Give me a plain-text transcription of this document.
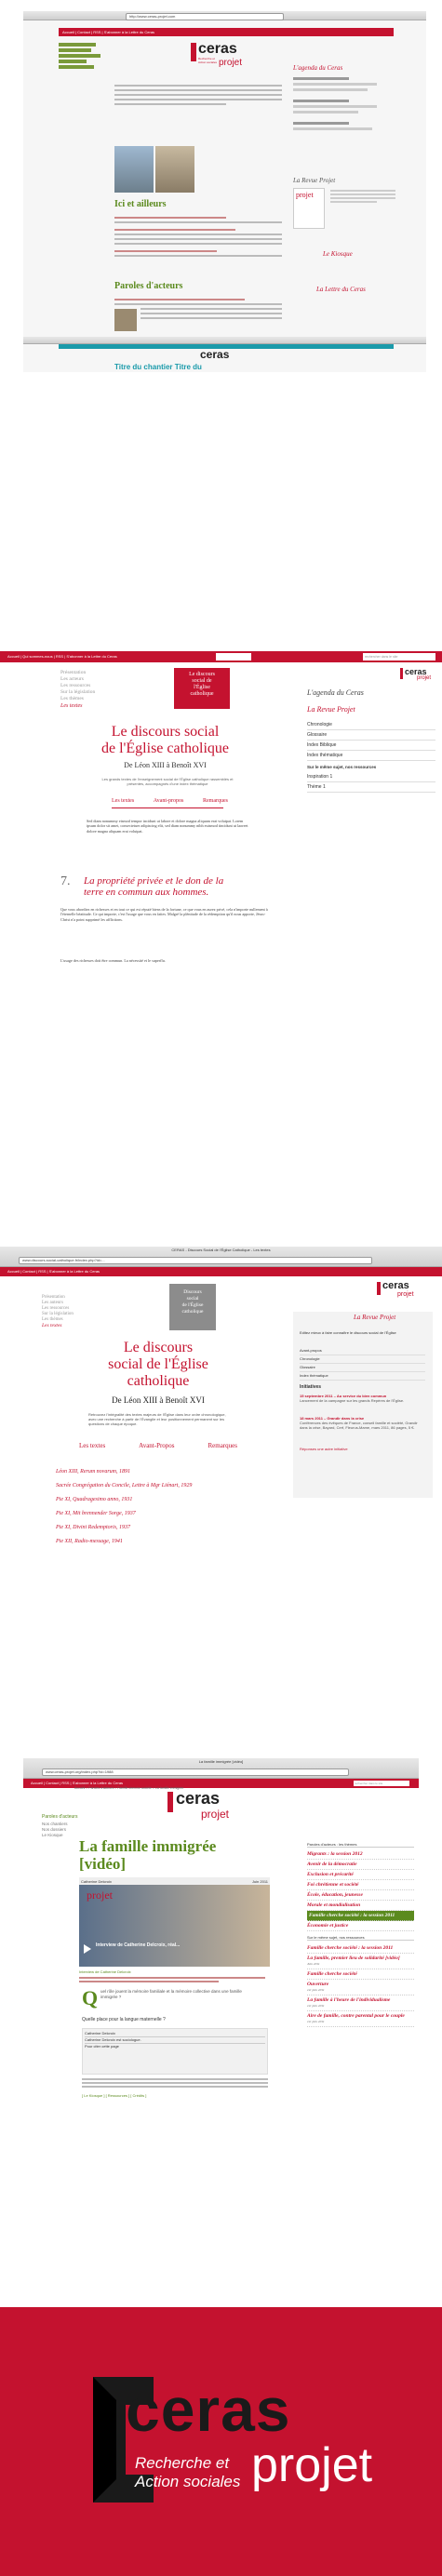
http://www.ceras-projet.com
Accueil | Contact | RSS | S'abonner à la Lettre du Ceras
ceras
projet
Recherche et
Action sociales
L'agenda du Ceras
La Revue Projet
projet
Le Kiosque
La Lettre du Ceras
Ici et ailleurs
Paroles d'acteurs
ceras
Titre du chantier Titre du
Accueil | Qui sommes-nous | RSS | S'abonner à la Lettre du Ceras	rechercher dans le site
ceras
projet
Présentation
Les acteurs
Les ressources
Sur la législation
Les thèmes
Les textes
Le discours
social de
l'Église
catholique
Le discours social
de l'Église catholique
De Léon XIII à Benoît XVI
Les grands textes de l'enseignement social de l'Église catholique rassemblés et présentés, accompagnés d'une index thématique
Les textes	Avant-propos	Remarques
Sed diam nonummy eismod tempor incidunt ut labore et dolore magna aliquam erat volutpat. Lorem ipsum dolor sit amet, consectetuer adipiscing elit, sed diam nonummy nibh euismod tincidunt ut laoreet dolore magna aliquam erat volutpat.
7. La propriété privée et le don de la
terre en commun aux hommes.
Que vous abordiez en richesses et en tout ce qui est réputé biens de la fortune, ce que vous en aurez privé, cela n'importe nullement à l'éternelle béatitude. Ce qui importe, c'est l'usage que vous en faites. Malgré la plénitude de la rédemption qu'il nous apporte, Jésus-Christ n'a point supprimé les afflictions.
L'usage des richesses doit être commun. La nécessité et le superflu.
L'agenda du Ceras
La Revue Projet
Chronologie
Glossaire
Index Biblique
Index thématique
Sur le même sujet, nos ressources
Inspiration 1
Thème 1
CERAS - Discours Social de l'Église Catholique - Les textes
www.discours-social-catholique.fr/index.php?id=...
Accueil | Contact | RSS | S'abonner à la Lettre du Ceras
ceras
projet
Présentation
Les auteurs
Les ressources
Sur la législation
Les thèmes
Les textes
Discours
social
de l'Église
catholique
Le discours
social de l'Église
catholique
De Léon XIII à Benoît XVI
Retrouvez l'intégralité des textes majeurs de l'Église dans leur ordre chronologique, avec une recherche à partir de l'Évangile et leur positionnement permanent sur les questions de chaque époque.
Les textes	Avant-Propos	Remarques
Léon XIII, Rerum novarum, 1891
Sacrée Congrégation du Concile, Lettre à Mgr Liénart, 1929
Pie XI, Quadragesimo anno, 1931
Pie XI, Mit brennender Sorge, 1937
Pie XI, Divini Redemptoris, 1937
Pie XII, Radio-message, 1941
La Revue Projet
Editez mieux à faire connaître le discours social de l'Église
Avant-propos
Chronologie
Glossaire
Index thématique
Initiatives
15 septembre 2011 – Au service du bien commun
Lancement de la campagne sur les grands Repères de l'Église.
18 mars 2011 – Grandir dans la crise
Conférences des évêques de France, conseil famille et société, Grandir dans la crise, Bayard, Cerf, Fleurus-Mame, mars 2011, 86 pages, 5 €.
Réponses une autre initiative
La famille immigrée [vidéo]
www.ceras-projet.org/index.php?id=1988
Accueil | Contact | RSS | S'abonner à la Lettre du Ceras	rechercher dans le site
ceras
projet
Accueil > Paroles d'acteurs > Famille cherche société > La famille immigrée
Paroles d'acteurs
Nos chantiers
Nos dossiers
Le Kiosque
La famille immigrée
[vidéo]
Catherine Delcroix	Juin 2011
projet
Interview de Catherine Delcroix, réal...
Interview de Catherine Delcroix
Q uel rôle jouent la mémoire familiale et la mémoire collective dans une famille immigrée ?
Quelle place pour la langue maternelle ?
Catherine Delcroix
Catherine Delcroix est sociologue.
Pour citer cette page
[ Le Kiosque ] [ Ressources ] [ Crédits ]
Paroles d'acteurs : les thèmes
Migrants : la session 2012
Avenir de la démocratie
Exclusion et précarité
Foi chrétienne et société
École, éducation, jeunesse
Morale et mondialisation
Famille cherche société : la session 2011
Économie et justice
Sur le même sujet, nos ressources
Famille cherche société : la session 2011
La famille, premier lieu de solidarité [vidéo]
Juin 2011
Famille cherche société
Ouverture
1er juin 2011
La famille à l'heure de l'individualisme
1er juin 2011
Aire de famille, contre parental pour le couple
1er juin 2011
ceras
Recherche et
Action sociales projet
